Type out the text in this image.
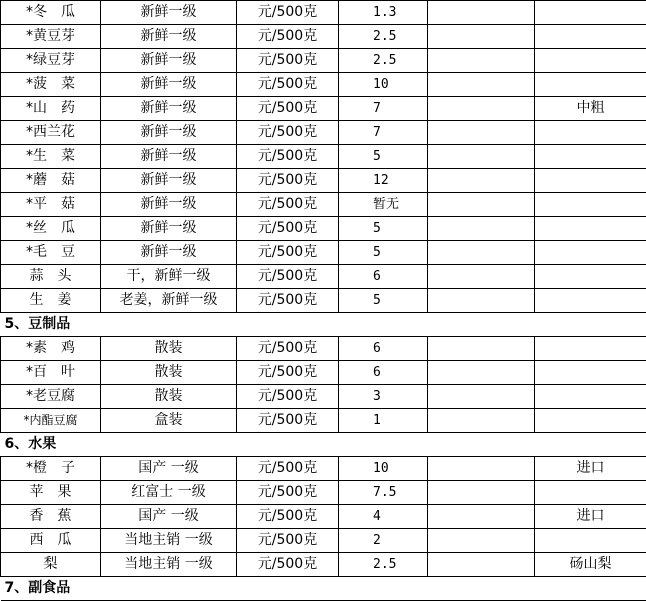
*冬　瓜	新鲜一级	元/500克	1.3		
*黄豆芽	新鲜一级	元/500克	2.5		
*绿豆芽	新鲜一级	元/500克	2.5		
*菠　菜	新鲜一级	元/500克	10		
*山　药	新鲜一级	元/500克	7		中粗
*西兰花	新鲜一级	元/500克	7		
*生　菜	新鲜一级	元/500克	5		
*蘑　菇	新鲜一级	元/500克	12		
*平　菇	新鲜一级	元/500克	暂无		
*丝　瓜	新鲜一级	元/500克	5		
*毛　豆	新鲜一级	元/500克	5		
蒜　头	干，新鲜一级	元/500克	6		
生　姜	老姜，新鲜一级	元/500克	5		
5、豆制品					
*素　鸡	散装	元/500克	6		
*百　叶	散装	元/500克	6		
*老豆腐	散装	元/500克	3		
*内酯豆腐	盒装	元/500克	1		
6、水果					
*橙　子	国产 一级	元/500克	10		进口
苹　果	红富士 一级	元/500克	7.5		
香　蕉	国产 一级	元/500克	4		进口
西　瓜	当地主销 一级	元/500克	2		
梨	当地主销 一级	元/500克	2.5		砀山梨
7、副食品					
